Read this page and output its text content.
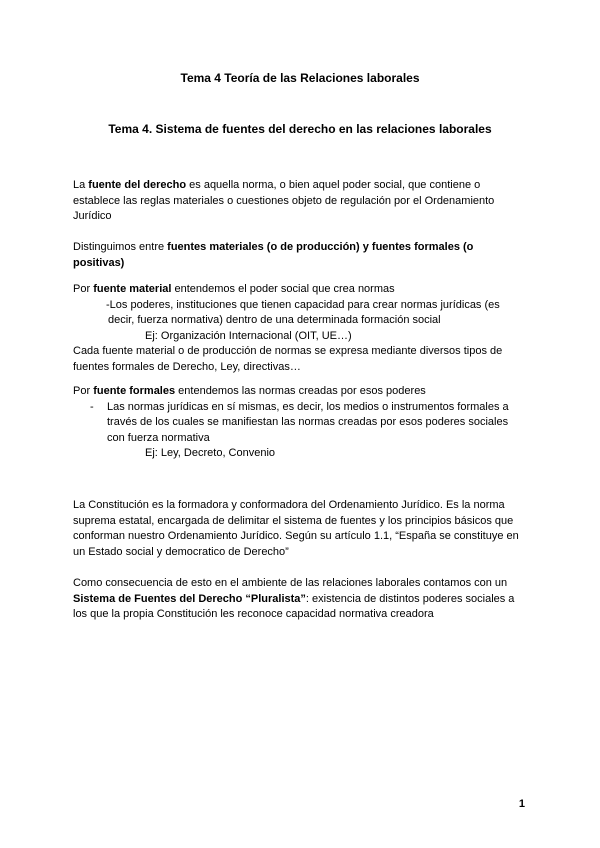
Tema 4 Teoría de las Relaciones laborales
Tema 4. Sistema de fuentes del derecho en las relaciones laborales
La fuente del derecho es aquella norma, o bien aquel poder social, que contiene o
establece las reglas materiales o cuestiones objeto de regulación por el Ordenamiento
Jurídico
Distinguimos entre fuentes materiales (o de producción) y fuentes formales (o
positivas)
Por fuente material entendemos el poder social que crea normas
-Los poderes, instituciones que tienen capacidad para crear normas jurídicas (es
decir, fuerza normativa) dentro de una determinada formación social
Ej: Organización Internacional (OIT, UE…)
Cada fuente material o de producción de normas se expresa mediante diversos tipos de
fuentes formales de Derecho, Ley, directivas…
Por fuente formales entendemos las normas creadas por esos poderes
Las normas jurídicas en sí mismas, es decir, los medios o instrumentos formales a
través de los cuales se manifiestan las normas creadas por esos poderes sociales
con fuerza normativa
Ej: Ley, Decreto, Convenio
-
La Constitución es la formadora y conformadora del Ordenamiento Jurídico. Es la norma
suprema estatal, encargada de delimitar el sistema de fuentes y los principios básicos que
conforman nuestro Ordenamiento Jurídico. Según su artículo 1.1, “España se constituye en
un Estado social y democratico de Derecho”
Como consecuencia de esto en el ambiente de las relaciones laborales contamos con un
Sistema de Fuentes del Derecho “Pluralista”: existencia de distintos poderes sociales a
los que la propia Constitución les reconoce capacidad normativa creadora
1
